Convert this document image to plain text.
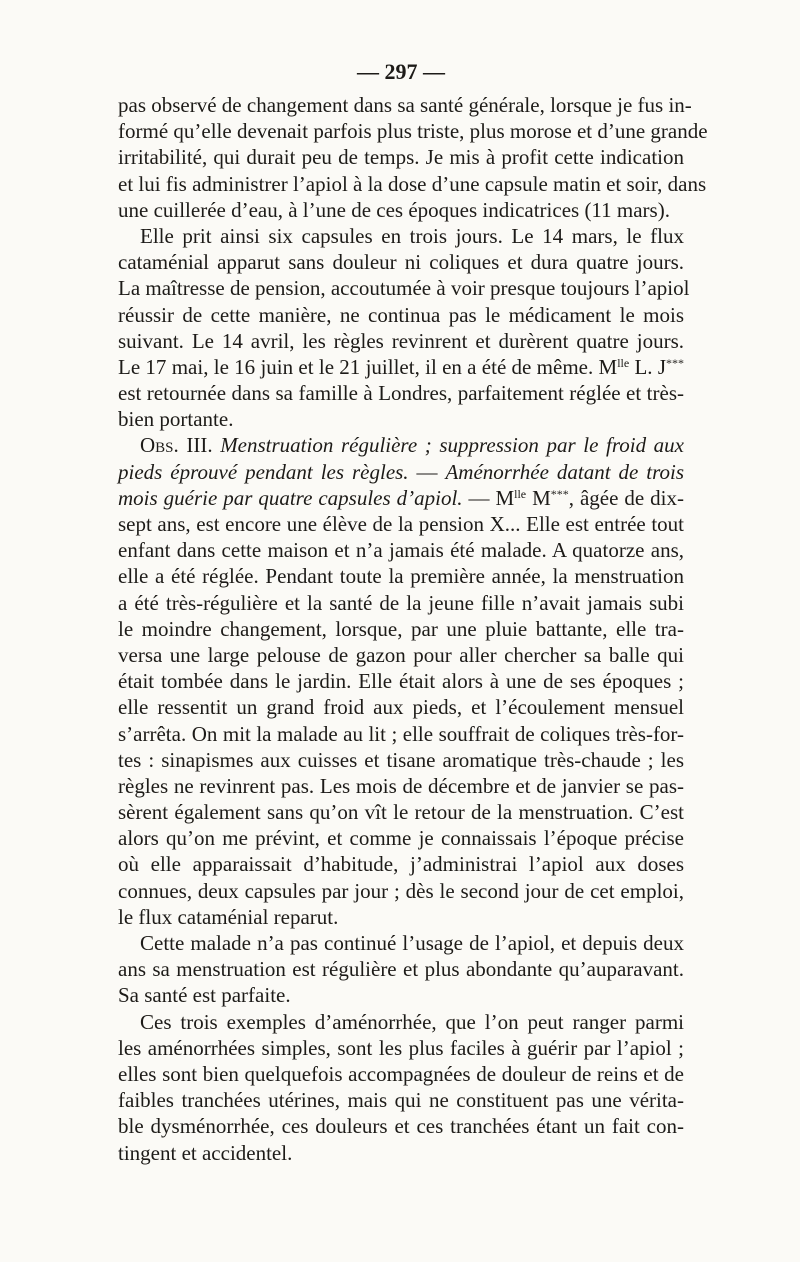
— 297 —
pas observé de changement dans sa santé générale, lorsque je fus in-
formé qu’elle devenait parfois plus triste, plus morose et d’une grande
irritabilité, qui durait peu de temps. Je mis à profit cette indication
et lui fis administrer l’apiol à la dose d’une capsule matin et soir, dans
une cuillerée d’eau, à l’une de ces époques indicatrices (11 mars).
Elle prit ainsi six capsules en trois jours. Le 14 mars, le flux
cataménial apparut sans douleur ni coliques et dura quatre jours.
La maîtresse de pension, accoutumée à voir presque toujours l’apiol
réussir de cette manière, ne continua pas le médicament le mois
suivant. Le 14 avril, les règles revinrent et durèrent quatre jours.
Le 17 mai, le 16 juin et le 21 juillet, il en a été de même. $M^{lle}$ L. J***
est retournée dans sa famille à Londres, parfaitement réglée et très-
bien portante.
Obs. III. Menstruation régulière ; suppression par le froid aux
pieds éprouvé pendant les règles. — Aménorrhée datant de trois
mois guérie par quatre capsules d’apiol. — $M^{lle}$ M***, âgée de dix-
sept ans, est encore une élève de la pension X... Elle est entrée tout
enfant dans cette maison et n’a jamais été malade. A quatorze ans,
elle a été réglée. Pendant toute la première année, la menstruation
a été très-régulière et la santé de la jeune fille n’avait jamais subi
le moindre changement, lorsque, par une pluie battante, elle tra-
versa une large pelouse de gazon pour aller chercher sa balle qui
était tombée dans le jardin. Elle était alors à une de ses époques ;
elle ressentit un grand froid aux pieds, et l’écoulement mensuel
s’arrêta. On mit la malade au lit ; elle souffrait de coliques très-for-
tes : sinapismes aux cuisses et tisane aromatique très-chaude ; les
règles ne revinrent pas. Les mois de décembre et de janvier se pas-
sèrent également sans qu’on vît le retour de la menstruation. C’est
alors qu’on me prévint, et comme je connaissais l’époque précise
où elle apparaissait d’habitude, j’administrai l’apiol aux doses
connues, deux capsules par jour ; dès le second jour de cet emploi,
le flux cataménial reparut.
Cette malade n’a pas continué l’usage de l’apiol, et depuis deux
ans sa menstruation est régulière et plus abondante qu’auparavant.
Sa santé est parfaite.
Ces trois exemples d’aménorrhée, que l’on peut ranger parmi
les aménorrhées simples, sont les plus faciles à guérir par l’apiol ;
elles sont bien quelquefois accompagnées de douleur de reins et de
faibles tranchées utérines, mais qui ne constituent pas une vérita-
ble dysménorrhée, ces douleurs et ces tranchées étant un fait con-
tingent et accidentel.
